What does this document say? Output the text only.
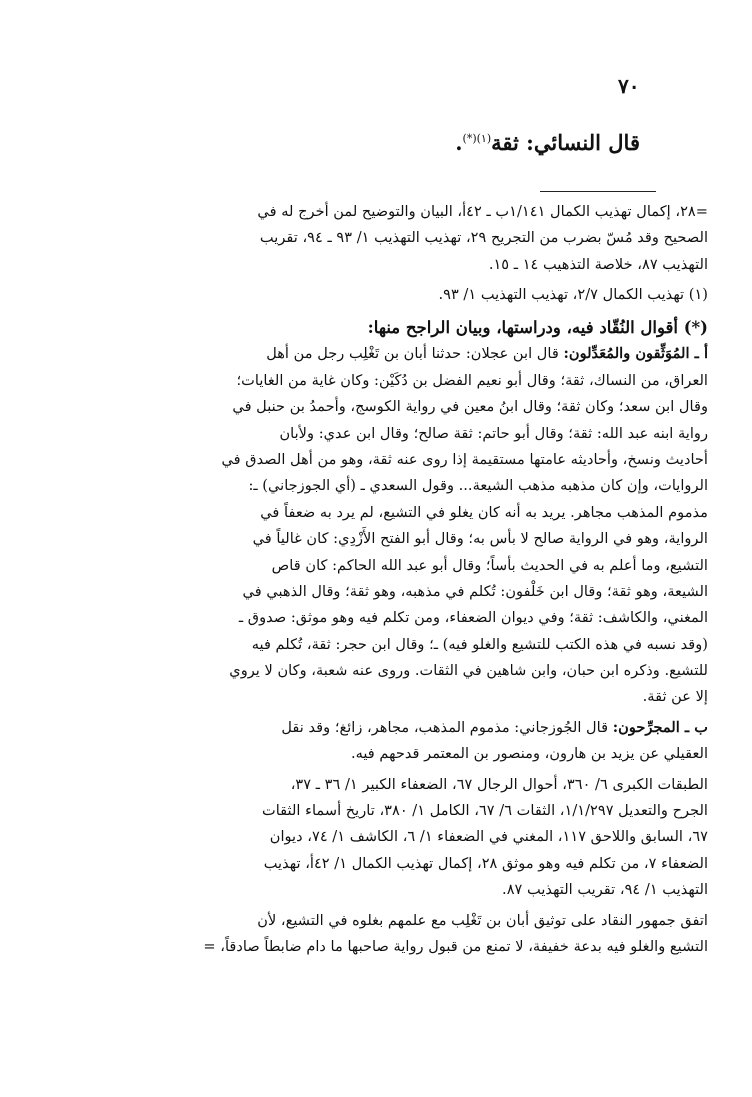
٧٠
قال النسائي: ثقة$^{(١)(*)}$.
=٢٨، إكمال تهذيب الكمال ١/١٤١ب ـ ٤٢أ، البيان والتوضيح لمن أخرج له في
الصحيح وقد مُسّ بضرب من التجريح ٢٩، تهذيب التهذيب ١/ ٩٣ ـ ٩٤، تقريب
التهذيب ٨٧، خلاصة التذهيب ١٤ ـ ١٥.
(١) تهذيب الكمال ٢/٧، تهذيب التهذيب ١/ ٩٣.
(*) أقوال النُقّاد فيه، ودراستها، وبيان الراجح منها:
أ ـ المُوَثِّقون والمُعَدِّلون: قال ابن عجلان: حدثنا أبان بن تَغْلِب رجل من أهل
العراق، من النساك، ثقة؛ وقال أبو نعيم الفضل بن دُكَيْن: وكان غاية من الغايات؛
وقال ابن سعد؛ وكان ثقة؛ وقال ابنُ معين في رواية الكوسج، وأحمدُ بن حنبل في
رواية ابنه عبد الله: ثقة؛ وقال أبو حاتم: ثقة صالح؛ وقال ابن عدي: ولأبان
أحاديث ونسخ، وأحاديثه عامتها مستقيمة إذا روى عنه ثقة، وهو من أهل الصدق في
الروايات، وإن كان مذهبه مذهب الشيعة... وقول السعدي ـ (أي الجوزجاني) ـ:
مذموم المذهب مجاهر. يريد به أنه كان يغلو في التشيع، لم يرد به ضعفاً في
الرواية، وهو في الرواية صالح لا بأس به؛ وقال أبو الفتح الأَزْدِي: كان غالياً في
التشيع، وما أعلم به في الحديث بأساً؛ وقال أبو عبد الله الحاكم: كان قاص
الشيعة، وهو ثقة؛ وقال ابن خَلْفون: تُكلم في مذهبه، وهو ثقة؛ وقال الذهبي في
المغني، والكاشف: ثقة؛ وفي ديوان الضعفاء، ومن تكلم فيه وهو موثق: صدوق ـ
(وقد نسبه في هذه الكتب للتشيع والغلو فيه) ـ؛ وقال ابن حجر: ثقة، تُكلم فيه
للتشيع. وذكره ابن حبان، وابن شاهين في الثقات. وروى عنه شعبة، وكان لا يروي
إلا عن ثقة.
ب ـ المجرِّحون: قال الجُوزجاني: مذموم المذهب، مجاهر، زائغ؛ وقد نقل
العقيلي عن يزيد بن هارون، ومنصور بن المعتمر قدحهم فيه.
الطبقات الكبرى ٦/ ٣٦٠، أحوال الرجال ٦٧، الضعفاء الكبير ١/ ٣٦ ـ ٣٧،
الجرح والتعديل ١/١/٢٩٧، الثقات ٦/ ٦٧، الكامل ١/ ٣٨٠، تاريخ أسماء الثقات
٦٧، السابق واللاحق ١١٧، المغني في الضعفاء ١/ ٦، الكاشف ١/ ٧٤، ديوان
الضعفاء ٧، من تكلم فيه وهو موثق ٢٨، إكمال تهذيب الكمال ١/ ٤٢أ، تهذيب
التهذيب ١/ ٩٤، تقريب التهذيب ٨٧.
اتفق جمهور النقاد على توثيق أبان بن تَغْلِب مع علمهم بغلوه في التشيع، لأن
التشيع والغلو فيه بدعة خفيفة، لا تمنع من قبول رواية صاحبها ما دام ضابطاً صادقاً، =
